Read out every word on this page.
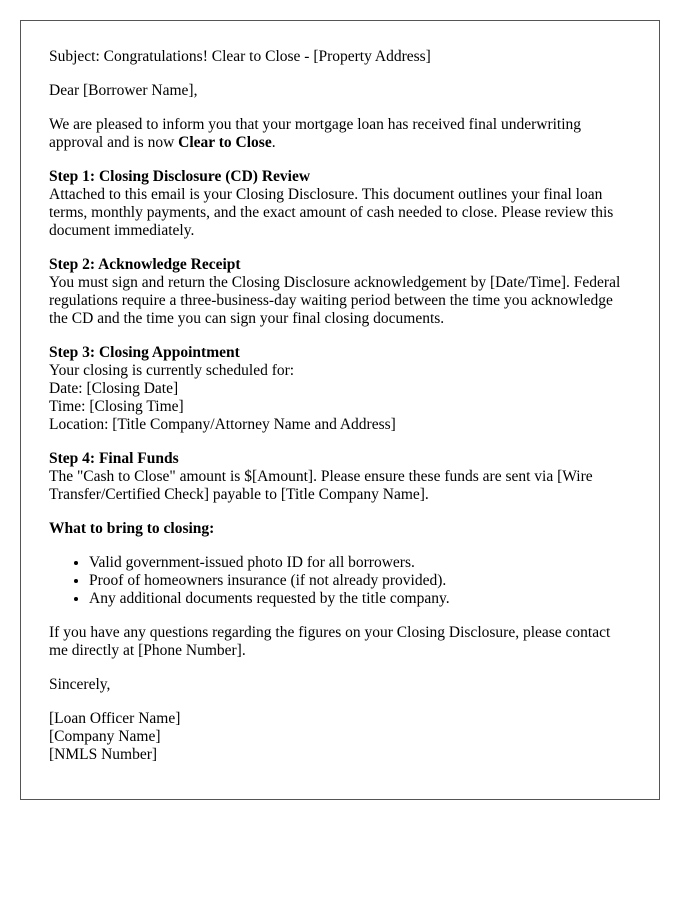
Subject: Congratulations! Clear to Close - [Property Address]

Dear [Borrower Name],

We are pleased to inform you that your mortgage loan has received final underwriting approval and is now Clear to Close.

Step 1: Closing Disclosure (CD) Review

Attached to this email is your Closing Disclosure. This document outlines your final loan terms, monthly payments, and the exact amount of cash needed to close. Please review this document immediately.

Step 2: Acknowledge Receipt

You must sign and return the Closing Disclosure acknowledgement by [Date/Time]. Federal regulations require a three-business-day waiting period between the time you acknowledge the CD and the time you can sign your final closing documents.

Step 3: Closing Appointment

Your closing is currently scheduled for:

Date: [Closing Date]

Time: [Closing Time]

Location: [Title Company/Attorney Name and Address]

Step 4: Final Funds

The "Cash to Close" amount is $[Amount]. Please ensure these funds are sent via [Wire Transfer/Certified Check] payable to [Title Company Name].

What to bring to closing:

• Valid government-issued photo ID for all borrowers.
• Proof of homeowners insurance (if not already provided).
• Any additional documents requested by the title company.

If you have any questions regarding the figures on your Closing Disclosure, please contact me directly at [Phone Number].

Sincerely,

[Loan Officer Name]
[Company Name]
[NMLS Number]
